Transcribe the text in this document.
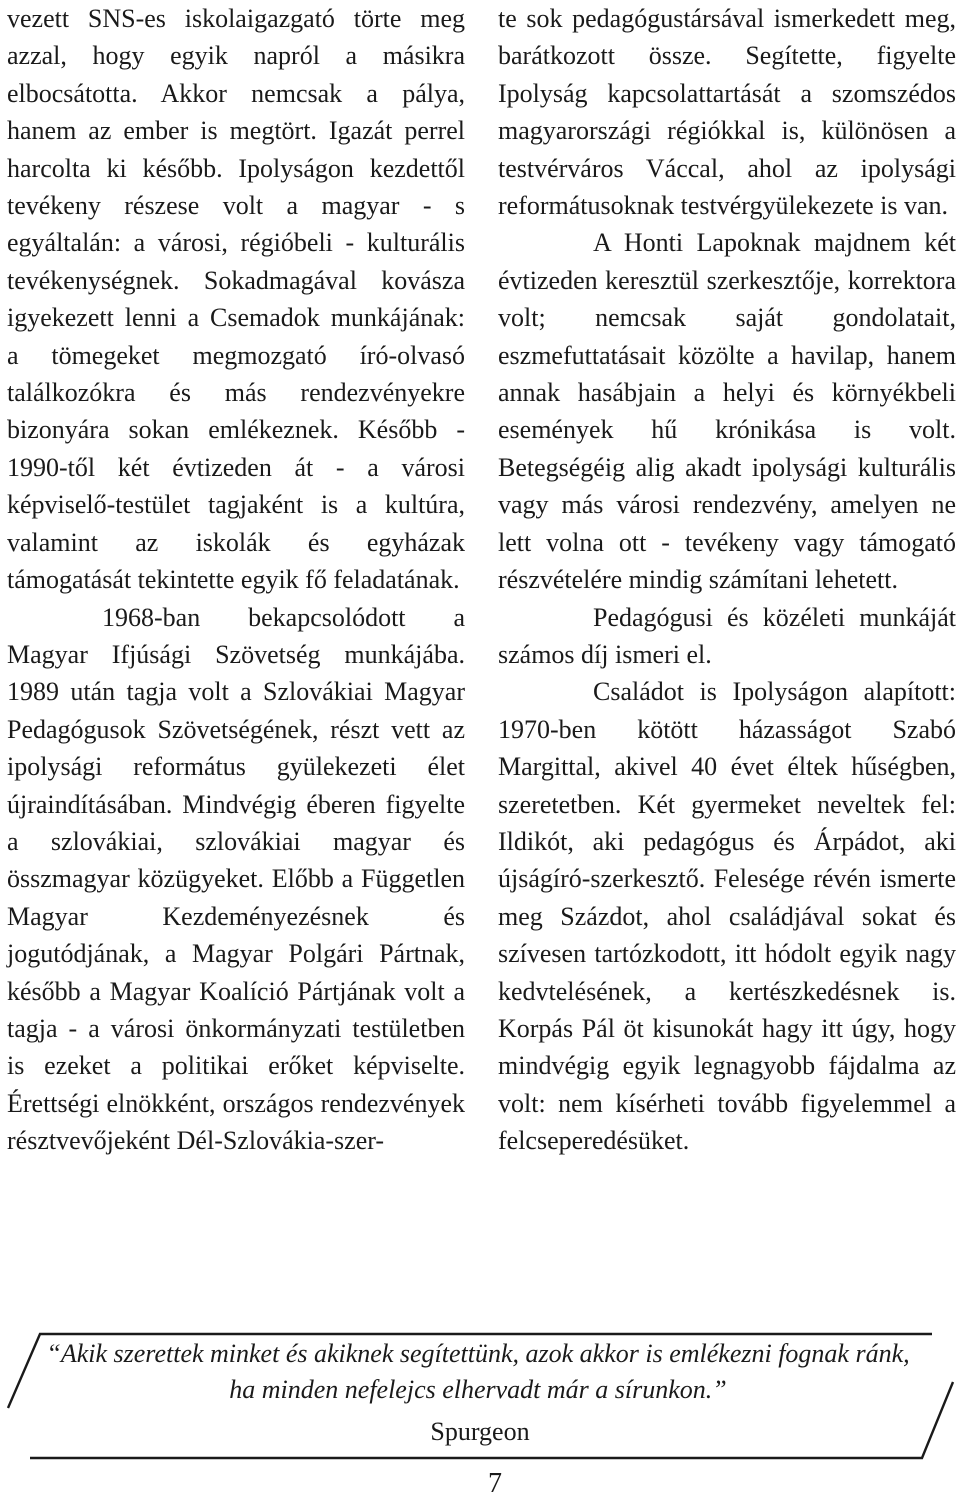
vezett SNS-es iskolaigazgató törte meg azzal, hogy egyik napról a másikra elbocsátotta. Akkor nemcsak a pálya, hanem az ember is megtört. Igazát perrel harcolta ki később. Ipolyságon kezdettől tevékeny részese volt a magyar - s egyáltalán: a városi, régióbeli - kulturális tevékenységnek. Sokadmagával kovásza igyekezett lenni a Csemadok munkájának: a tömegeket megmozgató író-olvasó találkozókra és más rendezvényekre bizonyára sokan emlékeznek. Később - 1990-től két évtizeden át - a városi képviselő-testület tagjaként is a kultúra, valamint az iskolák és egyházak támogatását tekintette egyik fő feladatának.

1968-ban bekapcsolódott a Magyar Ifjúsági Szövetség munkájába. 1989 után tagja volt a Szlovákiai Magyar Pedagógusok Szövetségének, részt vett az ipolysági református gyülekezeti élet újraindításában. Mindvégig éberen figyelte a szlovákiai, szlovákiai magyar és összmagyar közügyeket. Előbb a Független Magyar Kezdeményezésnek és jogutódjának, a Magyar Polgári Pártnak, később a Magyar Koalíció Pártjának volt a tagja - a városi önkormányzati testületben is ezeket a politikai erőket képviselte. Érettségi elnökként, országos rendezvények résztvevőjeként Dél-Szlovákia-szer-

te sok pedagógustársával ismerkedett meg, barátkozott össze. Segítette, figyelte Ipolyság kapcsolattartását a szomszédos magyarországi régiókkal is, különösen a testvérváros Váccal, ahol az ipolysági reformátusoknak testvérgyülekezete is van.

A Honti Lapoknak majdnem két évtizeden keresztül szerkesztője, korrektora volt; nemcsak saját gondolatait, eszmefuttatásait közölte a havilap, hanem annak hasábjain a helyi és környékbeli események hű krónikása is volt. Betegségéig alig akadt ipolysági kulturális vagy más városi rendezvény, amelyen ne lett volna ott - tevékeny vagy támogató részvételére mindig számítani lehetett.

Pedagógusi és közéleti munkáját számos díj ismeri el.

Családot is Ipolyságon alapított: 1970-ben kötött házasságot Szabó Margittal, akivel 40 évet éltek hűségben, szeretetben. Két gyermeket neveltek fel: Ildikót, aki pedagógus és Árpádot, aki újságíró-szerkesztő. Felesége révén ismerte meg Százdot, ahol családjával sokat és szívesen tartózkodott, itt hódolt egyik nagy kedvtelésének, a kertészkedésnek is. Korpás Pál öt kisunokát hagy itt úgy, hogy mindvégig egyik legnagyobb fájdalma az volt: nem kísérheti tovább figyelemmel a felcseperedésüket.

“Akik szerettek minket és akiknek segítettünk, azok akkor is emlékezni fognak ránk, ha minden nefelejcs elhervadt már a sírunkon.”
Spurgeon
7
